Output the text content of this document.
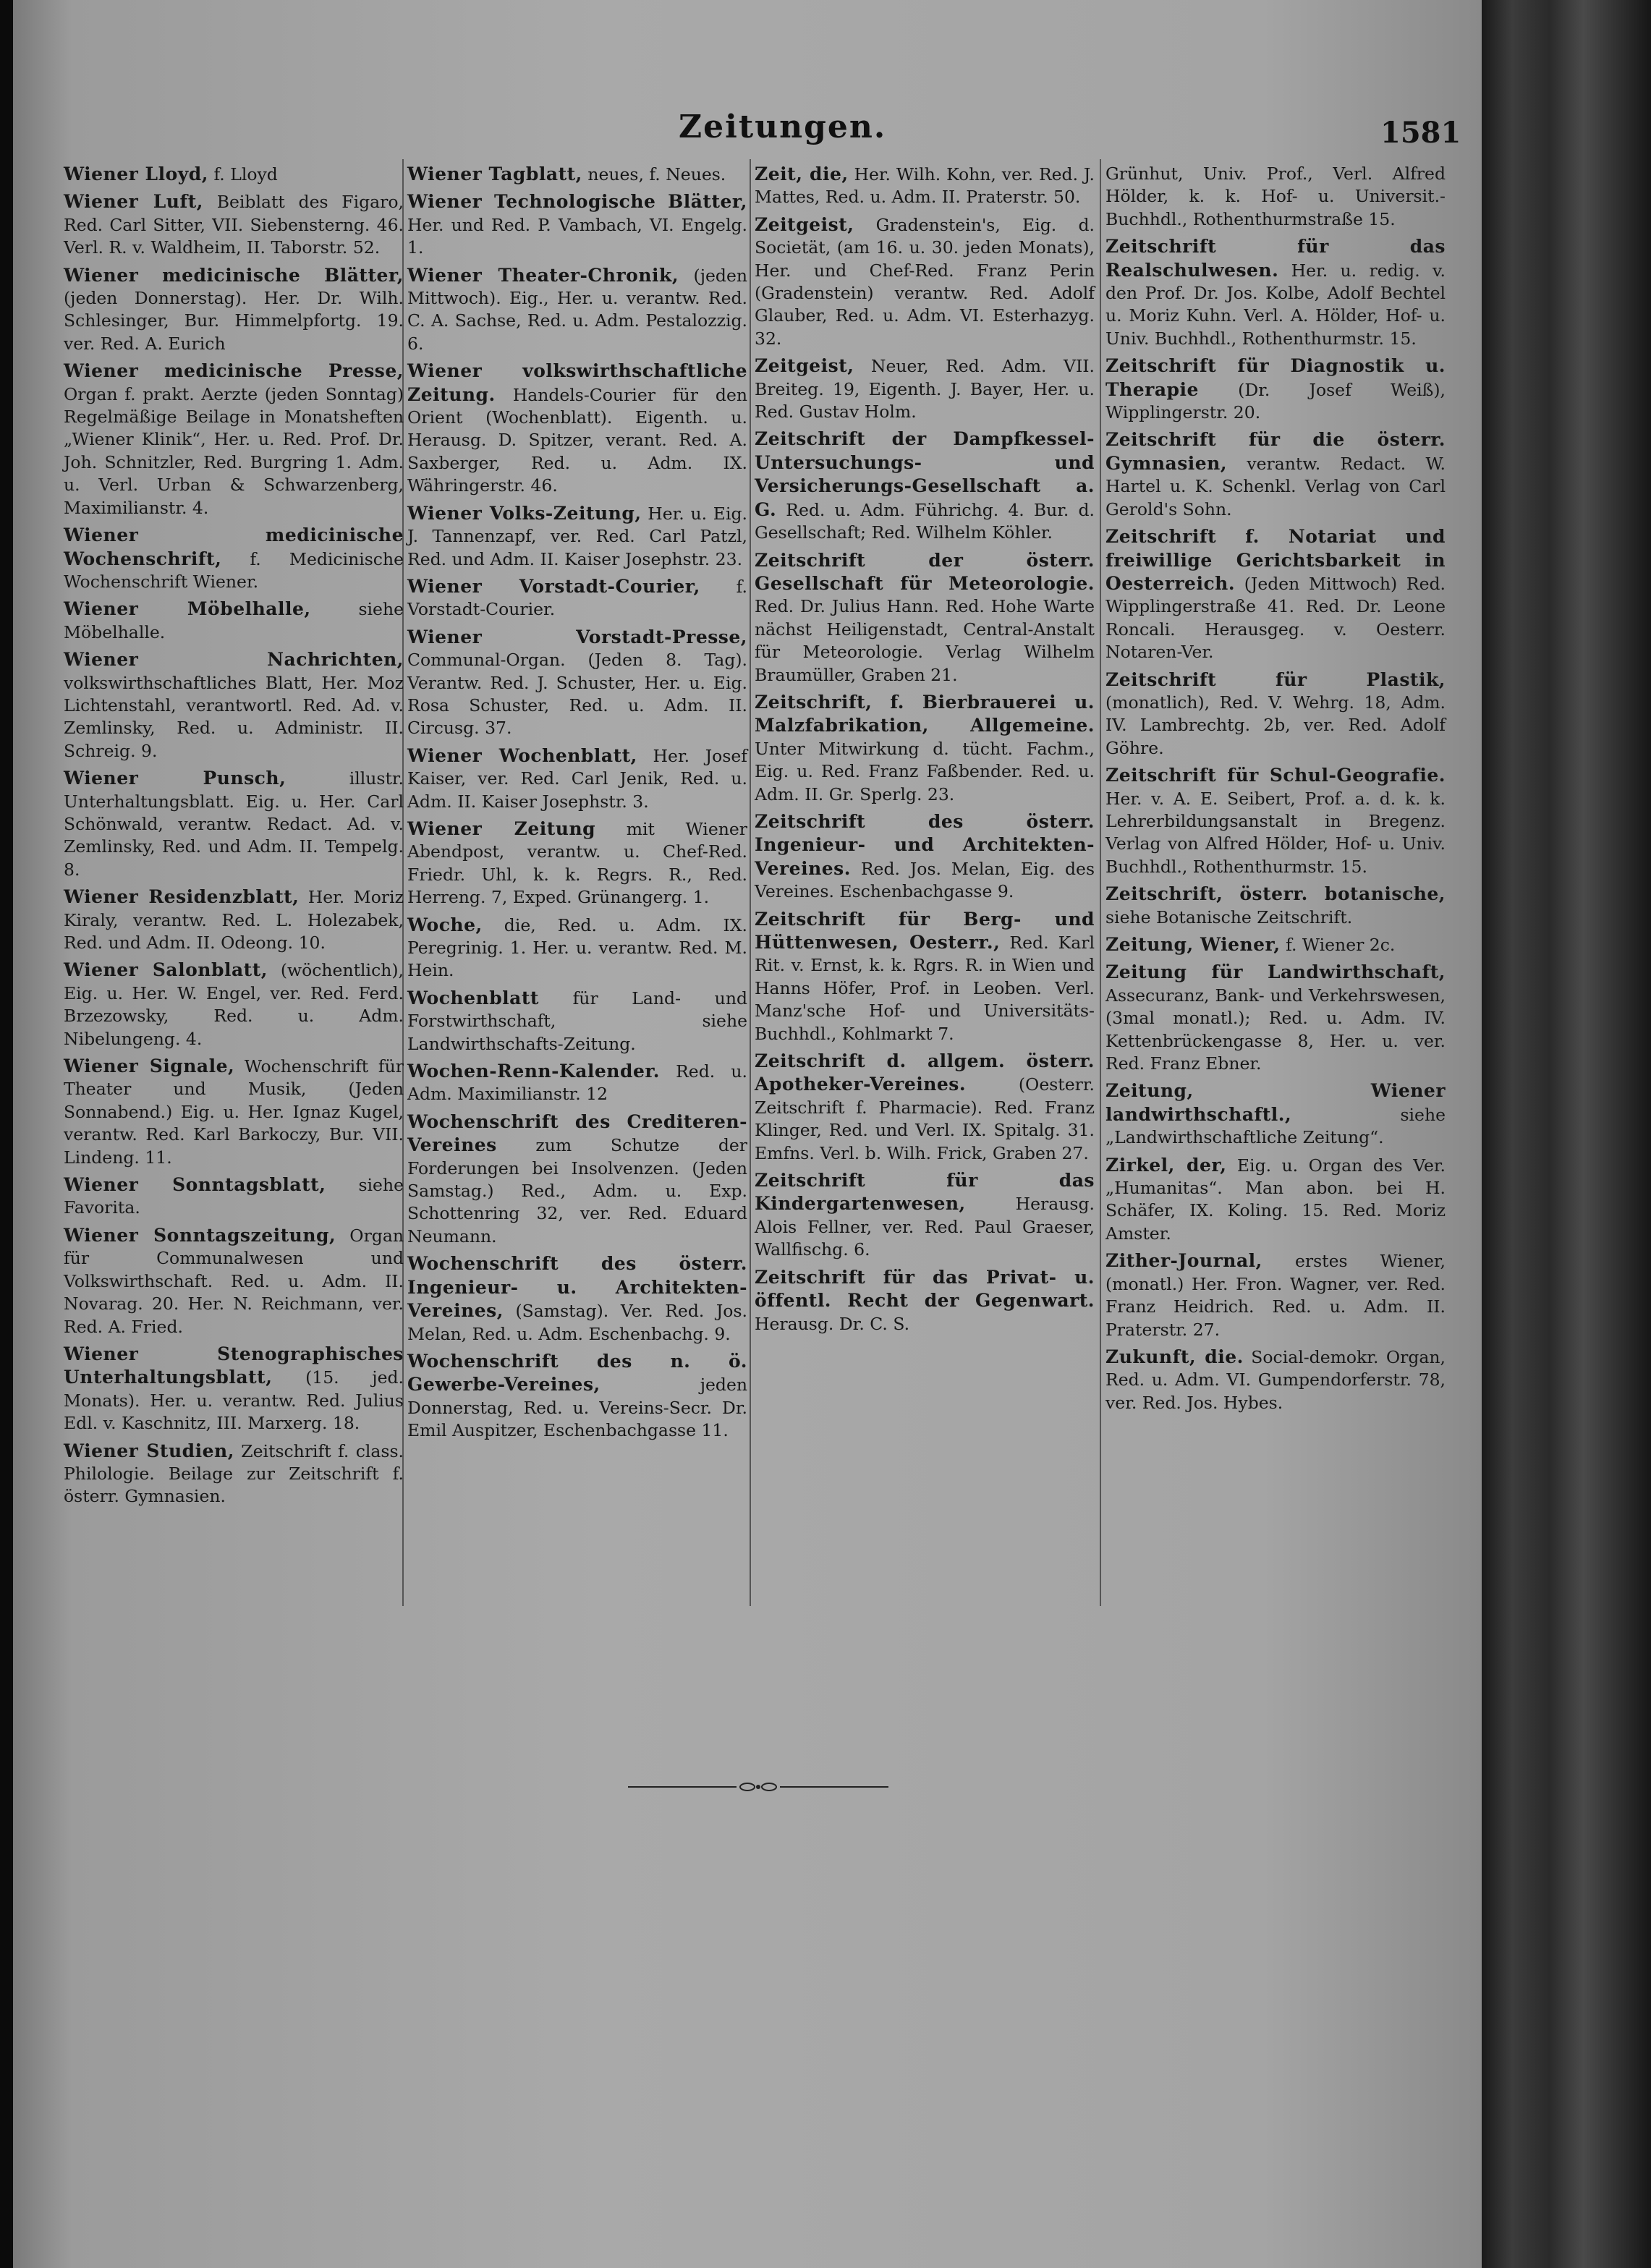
Zeitungen.	1581

Wiener Lloyd, f. Lloyd

Wiener Luft, Beiblatt des Figaro, Red. Carl Sitter, VII. Siebensterng. 46. Verl. R. v. Waldheim, II. Taborstr. 52.

Wiener medicinische Blätter, (jeden Donnerstag). Her. Dr. Wilh. Schlesinger, Bur. Himmelpfortg. 19. ver. Red. A. Eurich

Wiener medicinische Presse, Organ f. prakt. Aerzte (jeden Sonntag) Regelmäßige Beilage in Monatsheften „Wiener Klinik“, Her. u. Red. Prof. Dr. Joh. Schnitzler, Red. Burgring 1. Adm. u. Verl. Urban & Schwarzenberg, Maximilianstr. 4.

Wiener medicinische Wochenschrift, f. Medicinische Wochenschrift Wiener.

Wiener Möbelhalle, siehe Möbelhalle.

Wiener Nachrichten, volkswirthschaftliches Blatt, Her. Moz Lichtenstahl, verantwortl. Red. Ad. v. Zemlinsky, Red. u. Administr. II. Schreig. 9.

Wiener Punsch, illustr. Unterhaltungsblatt. Eig. u. Her. Carl Schönwald, verantw. Redact. Ad. v. Zemlinsky, Red. und Adm. II. Tempelg. 8.

Wiener Residenzblatt, Her. Moriz Kiraly, verantw. Red. L. Holezabek, Red. und Adm. II. Odeong. 10.

Wiener Salonblatt, (wöchentlich), Eig. u. Her. W. Engel, ver. Red. Ferd. Brzezowsky, Red. u. Adm. Nibelungeng. 4.

Wiener Signale, Wochenschrift für Theater und Musik, (Jeden Sonnabend.) Eig. u. Her. Ignaz Kugel, verantw. Red. Karl Barkoczy, Bur. VII. Lindeng. 11.

Wiener Sonntagsblatt, siehe Favorita.

Wiener Sonntagszeitung, Organ für Communalwesen und Volkswirthschaft. Red. u. Adm. II. Novarag. 20. Her. N. Reichmann, ver. Red. A. Fried.

Wiener Stenographisches Unterhaltungsblatt, (15. jed. Monats). Her. u. verantw. Red. Julius Edl. v. Kaschnitz, III. Marxerg. 18.

Wiener Studien, Zeitschrift f. class. Philologie. Beilage zur Zeitschrift f. österr. Gymnasien.

Wiener Tagblatt, neues, f. Neues.

Wiener Technologische Blätter, Her. und Red. P. Vambach, VI. Engelg. 1.

Wiener Theater-Chronik, (jeden Mittwoch). Eig., Her. u. verantw. Red. C. A. Sachse, Red. u. Adm. Pestalozzig. 6.

Wiener volkswirthschaftliche Zeitung. Handels-Courier für den Orient (Wochenblatt). Eigenth. u. Herausg. D. Spitzer, verant. Red. A. Saxberger, Red. u. Adm. IX. Währingerstr. 46.

Wiener Volks-Zeitung, Her. u. Eig. J. Tannenzapf, ver. Red. Carl Patzl, Red. und Adm. II. Kaiser Josephstr. 23.

Wiener Vorstadt-Courier, f. Vorstadt-Courier.

Wiener Vorstadt-Presse, Communal-Organ. (Jeden 8. Tag). Verantw. Red. J. Schuster, Her. u. Eig. Rosa Schuster, Red. u. Adm. II. Circusg. 37.

Wiener Wochenblatt, Her. Josef Kaiser, ver. Red. Carl Jenik, Red. u. Adm. II. Kaiser Josephstr. 3.

Wiener Zeitung mit Wiener Abendpost, verantw. u. Chef-Red. Friedr. Uhl, k. k. Regrs. R., Red. Herreng. 7, Exped. Grünangerg. 1.

Woche, die, Red. u. Adm. IX. Peregrinig. 1. Her. u. verantw. Red. M. Hein.

Wochenblatt für Land- und Forstwirthschaft, siehe Landwirthschafts-Zeitung.

Wochen-Renn-Kalender. Red. u. Adm. Maximilianstr. 12

Wochenschrift des Crediteren-Vereines zum Schutze der Forderungen bei Insolvenzen. (Jeden Samstag.) Red., Adm. u. Exp. Schottenring 32, ver. Red. Eduard Neumann.

Wochenschrift des österr. Ingenieur- u. Architekten-Vereines, (Samstag). Ver. Red. Jos. Melan, Red. u. Adm. Eschenbachg. 9.

Wochenschrift des n. ö. Gewerbe-Vereines, jeden Donnerstag, Red. u. Vereins-Secr. Dr. Emil Auspitzer, Eschenbachgasse 11.

Zeit, die, Her. Wilh. Kohn, ver. Red. J. Mattes, Red. u. Adm. II. Praterstr. 50.

Zeitgeist, Gradenstein's, Eig. d. Societät, (am 16. u. 30. jeden Monats), Her. und Chef-Red. Franz Perin (Gradenstein) verantw. Red. Adolf Glauber, Red. u. Adm. VI. Esterhazyg. 32.

Zeitgeist, Neuer, Red. Adm. VII. Breiteg. 19, Eigenth. J. Bayer, Her. u. Red. Gustav Holm.

Zeitschrift der Dampfkessel-Untersuchungs- und Versicherungs-Gesellschaft a. G. Red. u. Adm. Führichg. 4. Bur. d. Gesellschaft; Red. Wilhelm Köhler.

Zeitschrift der österr. Gesellschaft für Meteorologie. Red. Dr. Julius Hann. Red. Hohe Warte nächst Heiligenstadt, Central-Anstalt für Meteorologie. Verlag Wilhelm Braumüller, Graben 21.

Zeitschrift, f. Bierbrauerei u. Malzfabrikation, Allgemeine. Unter Mitwirkung d. tücht. Fachm., Eig. u. Red. Franz Faßbender. Red. u. Adm. II. Gr. Sperlg. 23.

Zeitschrift des österr. Ingenieur- und Architekten-Vereines. Red. Jos. Melan, Eig. des Vereines. Eschenbachgasse 9.

Zeitschrift für Berg- und Hüttenwesen, Oesterr., Red. Karl Rit. v. Ernst, k. k. Rgrs. R. in Wien und Hanns Höfer, Prof. in Leoben. Verl. Manz'sche Hof- und Universitäts-Buchhdl., Kohlmarkt 7.

Zeitschrift d. allgem. österr. Apotheker-Vereines. (Oesterr. Zeitschrift f. Pharmacie). Red. Franz Klinger, Red. und Verl. IX. Spitalg. 31. Emfns. Verl. b. Wilh. Frick, Graben 27.

Zeitschrift für das Kindergartenwesen, Herausg. Alois Fellner, ver. Red. Paul Graeser, Wallfischg. 6.

Zeitschrift für das Privat- u. öffentl. Recht der Gegenwart. Herausg. Dr. C. S.

Grünhut, Univ. Prof., Verl. Alfred Hölder, k. k. Hof- u. Universit.-Buchhdl., Rothenthurmstraße 15.

Zeitschrift für das Realschulwesen. Her. u. redig. v. den Prof. Dr. Jos. Kolbe, Adolf Bechtel u. Moriz Kuhn. Verl. A. Hölder, Hof- u. Univ. Buchhdl., Rothenthurmstr. 15.

Zeitschrift für Diagnostik u. Therapie (Dr. Josef Weiß), Wipplingerstr. 20.

Zeitschrift für die österr. Gymnasien, verantw. Redact. W. Hartel u. K. Schenkl. Verlag von Carl Gerold's Sohn.

Zeitschrift f. Notariat und freiwillige Gerichtsbarkeit in Oesterreich. (Jeden Mittwoch) Red. Wipplingerstraße 41. Red. Dr. Leone Roncali. Herausgeg. v. Oesterr. Notaren-Ver.

Zeitschrift für Plastik, (monatlich), Red. V. Wehrg. 18, Adm. IV. Lambrechtg. 2b, ver. Red. Adolf Göhre.

Zeitschrift für Schul-Geografie. Her. v. A. E. Seibert, Prof. a. d. k. k. Lehrerbildungsanstalt in Bregenz. Verlag von Alfred Hölder, Hof- u. Univ. Buchhdl., Rothenthurmstr. 15.

Zeitschrift, österr. botanische, siehe Botanische Zeitschrift.

Zeitung, Wiener, f. Wiener 2c.

Zeitung für Landwirthschaft, Assecuranz, Bank- und Verkehrswesen, (3mal monatl.); Red. u. Adm. IV. Kettenbrückengasse 8, Her. u. ver. Red. Franz Ebner.

Zeitung, Wiener landwirthschaftl., siehe „Landwirthschaftliche Zeitung“.

Zirkel, der, Eig. u. Organ des Ver. „Humanitas“. Man abon. bei H. Schäfer, IX. Koling. 15. Red. Moriz Amster.

Zither-Journal, erstes Wiener, (monatl.) Her. Fron. Wagner, ver. Red. Franz Heidrich. Red. u. Adm. II. Praterstr. 27.

Zukunft, die. Social-demokr. Organ, Red. u. Adm. VI. Gumpendorferstr. 78, ver. Red. Jos. Hybes.
